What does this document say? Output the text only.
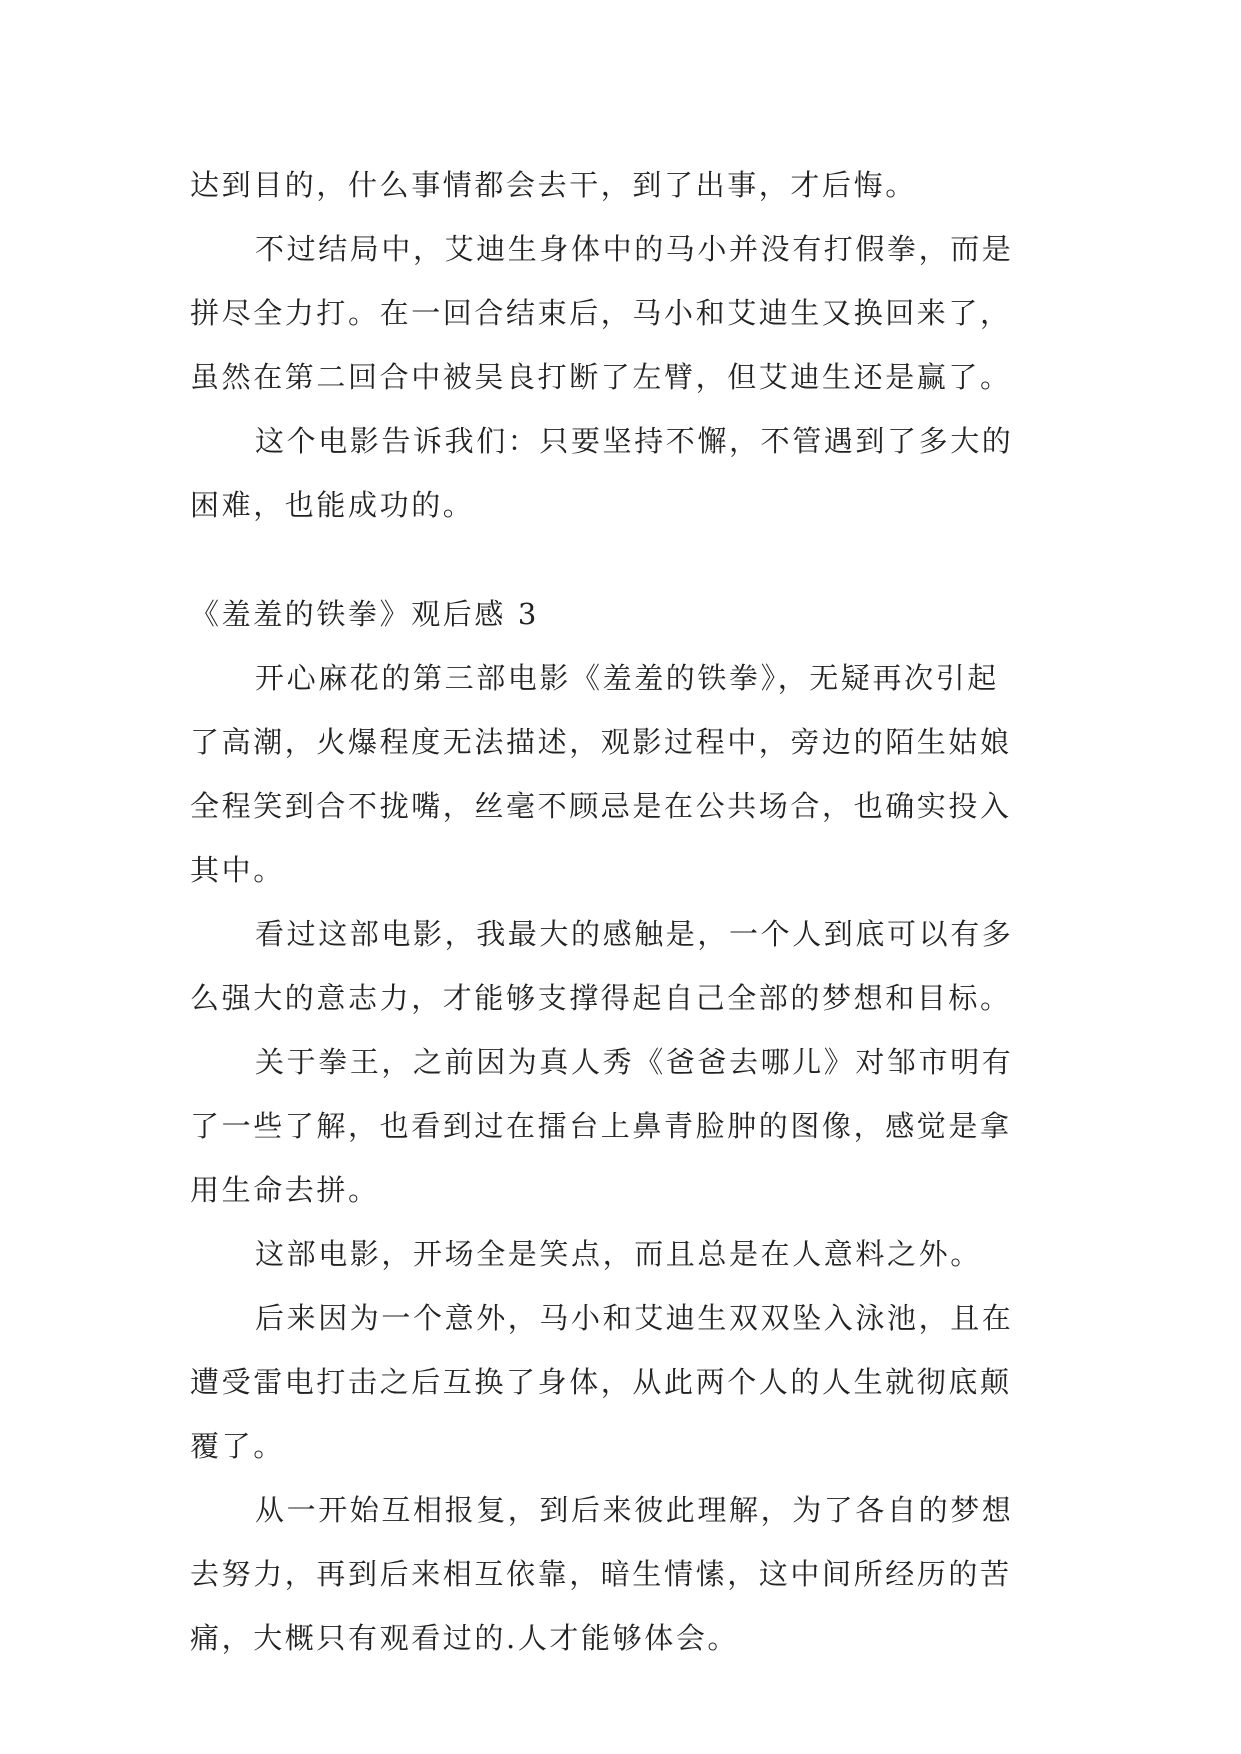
达到目的，什么事情都会去干，到了出事，才后悔。
不过结局中，艾迪生身体中的马小并没有打假拳，而是
拼尽全力打。在一回合结束后，马小和艾迪生又换回来了，
虽然在第二回合中被吴良打断了左臂，但艾迪生还是赢了。
这个电影告诉我们：只要坚持不懈，不管遇到了多大的
困难，也能成功的。
《羞羞的铁拳》观后感 3
开心麻花的第三部电影《羞羞的铁拳》，无疑再次引起
了高潮，火爆程度无法描述，观影过程中，旁边的陌生姑娘
全程笑到合不拢嘴，丝毫不顾忌是在公共场合，也确实投入
其中。
看过这部电影，我最大的感触是，一个人到底可以有多
么强大的意志力，才能够支撑得起自己全部的梦想和目标。
关于拳王，之前因为真人秀《爸爸去哪儿》对邹市明有
了一些了解，也看到过在擂台上鼻青脸肿的图像，感觉是拿
用生命去拼。
这部电影，开场全是笑点，而且总是在人意料之外。
后来因为一个意外，马小和艾迪生双双坠入泳池，且在
遭受雷电打击之后互换了身体，从此两个人的人生就彻底颠
覆了。
从一开始互相报复，到后来彼此理解，为了各自的梦想
去努力，再到后来相互依靠，暗生情愫，这中间所经历的苦
痛，大概只有观看过的.人才能够体会。
